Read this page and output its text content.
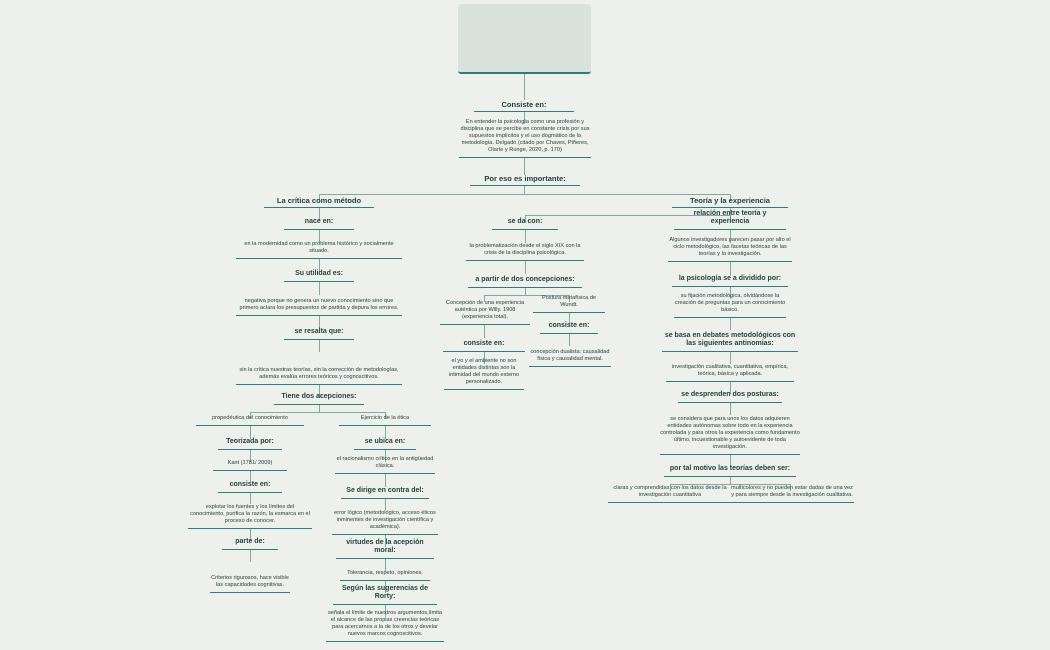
Consiste en:
En entender la psicología como una profesión y disciplina que se percibe en constante crisis por sus supuestos implícitos y el uso dogmático de la metodología. Delgado (citado por Chaves, Piñeres, Olarte y Runge, 2020, p. 170)
Por eso es importante:
La crítica como método
nace en:
en la modernidad como un problema histórico y socialmente situado.
Su utilidad es:
negativa porque no genera un nuevo conocimiento sino que primero aclara los presupuestos de partida y depura los errores.
se resalta que:
sin la crítica nuestras teorías, sin la corrección de metodologías, además evalúa errores teóricos y cognoscitivos.
Tiene dos acepciones:
propedéutica del conocimiento	Ejercicio de la ética
Teorizada por:
Kant (1781/ 2009)
consiste en:
explotar los fuentes y los límites del conocimiento, purifica la razón, la esmarca en el proceso de conocer.
parte de:
Criterios rigurosos, hace visible las capacidades cognitivas.
se ubica en:
el racionalismo crítico en la antigüedad clásica.
Se dirige en contra del:
error lógico (metodológico, acceso éticos inminentes de investigación científica y académica).
virtudes de la acepción moral:
Tolerancia, respeto, opiniones.
Según las sugerencias de Rorty:
señala el límite de nuestros argumentos,límita el alcance de las propias creencias teóricas para acercarnos a la de los otros y develar nuevos marcos cognoscitivos.
Teoría y la experiencia
se da con:
la problematización desde el siglo XIX con la crisis de la disciplina psicológica.
a partir de dos concepciones:
Concepción de una experiencia auténtica por Willy. 1908 (experiencia total).
Postura metafísica de Wundt.
consiste en:
el yo y el ambiente no son entidades distintas son la intimidad del mundo externo personalizado.
consiste en:
concepción dualista: causalidad física y causalidad mental.
relación entre teoría y experiencia
Algunos investigadores parecen pasar por alto el ciclo metodológico, las facetas teóricas de las teorías y la investigación.
la psicología se a dividido por:
su fijación metodológica, olvidándose la creación de preguntas para un conocimiento básico.
se basa en debates metodológicos con las siguientes antinomias:
investigación cualitativa, cuantitativa, empírica, teórica, básica y aplicada.
se desprenden dos posturas:
se considera que para unos los datos adquieren entidades autónomas sobre todo en la experiencia controlada y para otros la experiencia como fundamento último, incuestionable y autoevidente de toda investigación.
por tal motivo las teorías deben ser:
claras y comprendidas con los datos desde la investigación cuantitativa
multicolores y no pueden estar dadas de una vez y para siempre desde la investigación cualitativa.
